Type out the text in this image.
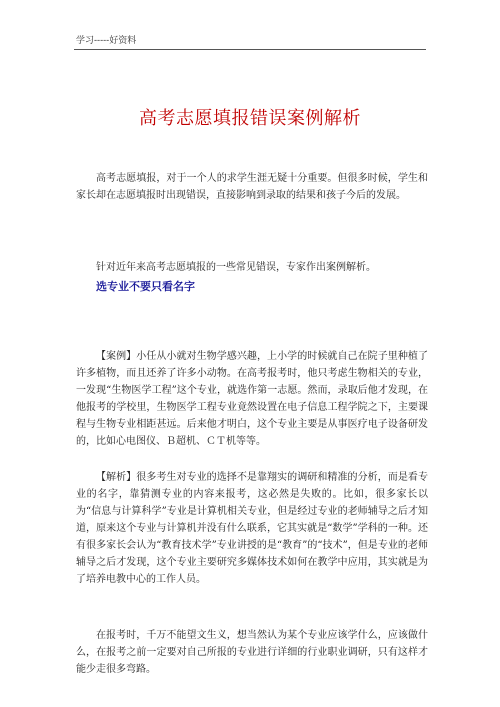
学习-----好资料
高考志愿填报错误案例解析

高考志愿填报，对于一个人的求学生涯无疑十分重要。但很多时候，学生和家长却在志愿填报时出现错误，直接影响到录取的结果和孩子今后的发展。

针对近年来高考志愿填报的一些常见错误，专家作出案例解析。

选专业不要只看名字

【案例】小任从小就对生物学感兴趣，上小学的时候就自己在院子里种植了许多植物，而且还养了许多小动物。在高考报考时，他只考虑生物相关的专业，一发现“生物医学工程”这个专业，就选作第一志愿。然而，录取后他才发现，在他报考的学校里，生物医学工程专业竟然设置在电子信息工程学院之下，主要课程与生物专业相距甚远。后来他才明白，这个专业主要是从事医疗电子设备研发的，比如心电图仪、Ｂ超机、ＣＴ机等等。

【解析】很多考生对专业的选择不是靠翔实的调研和精准的分析，而是看专业的名字，靠猜测专业的内容来报考，这必然是失败的。比如，很多家长以为“信息与计算科学”专业是计算机相关专业，但是经过专业的老师辅导之后才知道，原来这个专业与计算机并没有什么联系，它其实就是“数学”学科的一种。还有很多家长会认为“教育技术学”专业讲授的是“教育”的“技术”，但是专业的老师辅导之后才发现，这个专业主要研究多媒体技术如何在教学中应用，其实就是为了培养电教中心的工作人员。

在报考时，千万不能望文生义，想当然认为某个专业应该学什么，应该做什么，在报考之前一定要对自己所报的专业进行详细的行业职业调研，只有这样才能少走很多弯路。
